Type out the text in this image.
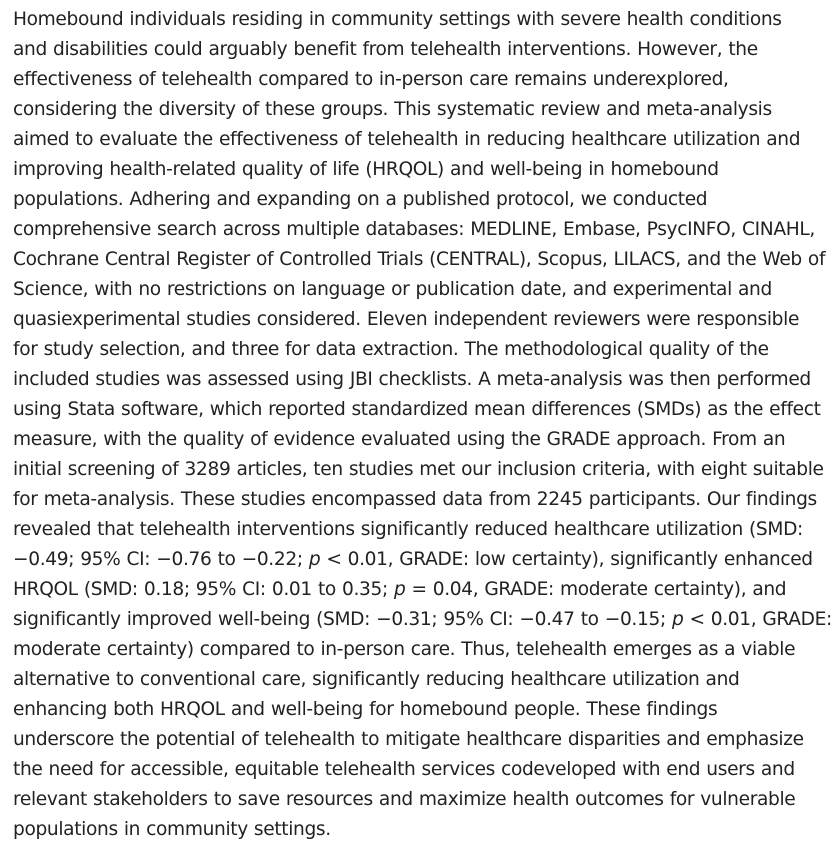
Homebound individuals residing in community settings with severe health conditions
and disabilities could arguably benefit from telehealth interventions. However, the
effectiveness of telehealth compared to in-person care remains underexplored,
considering the diversity of these groups. This systematic review and meta-analysis
aimed to evaluate the effectiveness of telehealth in reducing healthcare utilization and
improving health-related quality of life (HRQOL) and well-being in homebound
populations. Adhering and expanding on a published protocol, we conducted
comprehensive search across multiple databases: MEDLINE, Embase, PsycINFO, CINAHL,
Cochrane Central Register of Controlled Trials (CENTRAL), Scopus, LILACS, and the Web of
Science, with no restrictions on language or publication date, and experimental and
quasiexperimental studies considered. Eleven independent reviewers were responsible
for study selection, and three for data extraction. The methodological quality of the
included studies was assessed using JBI checklists. A meta-analysis was then performed
using Stata software, which reported standardized mean differences (SMDs) as the effect
measure, with the quality of evidence evaluated using the GRADE approach. From an
initial screening of 3289 articles, ten studies met our inclusion criteria, with eight suitable
for meta-analysis. These studies encompassed data from 2245 participants. Our findings
revealed that telehealth interventions significantly reduced healthcare utilization (SMD:
−0.49; 95% CI: −0.76 to −0.22; p < 0.01, GRADE: low certainty), significantly enhanced
HRQOL (SMD: 0.18; 95% CI: 0.01 to 0.35; p = 0.04, GRADE: moderate certainty), and
significantly improved well-being (SMD: −0.31; 95% CI: −0.47 to −0.15; p < 0.01, GRADE:
moderate certainty) compared to in-person care. Thus, telehealth emerges as a viable
alternative to conventional care, significantly reducing healthcare utilization and
enhancing both HRQOL and well-being for homebound people. These findings
underscore the potential of telehealth to mitigate healthcare disparities and emphasize
the need for accessible, equitable telehealth services codeveloped with end users and
relevant stakeholders to save resources and maximize health outcomes for vulnerable
populations in community settings.
